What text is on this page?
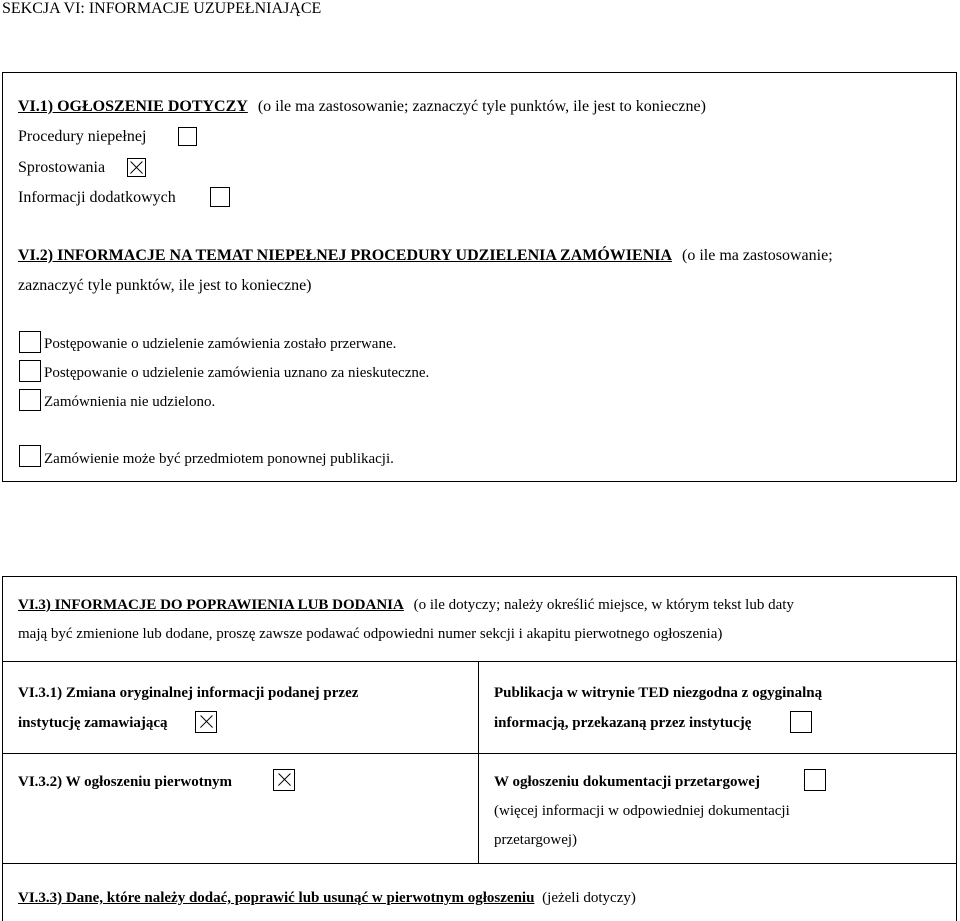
SEKCJA VI: INFORMACJE UZUPEŁNIAJĄCE
VI.1) OGŁOSZENIE DOTYCZY (o ile ma zastosowanie; zaznaczyć tyle punktów, ile jest to konieczne)
Procedury niepełnej
Sprostowania
Informacji dodatkowych
VI.2) INFORMACJE NA TEMAT NIEPEŁNEJ PROCEDURY UDZIELENIA ZAMÓWIENIA (o ile ma zastosowanie;
zaznaczyć tyle punktów, ile jest to konieczne)
Postępowanie o udzielenie zamówienia zostało przerwane.
Postępowanie o udzielenie zamówienia uznano za nieskuteczne.
Zamównienia nie udzielono.
Zamówienie może być przedmiotem ponownej publikacji.
VI.3) INFORMACJE DO POPRAWIENIA LUB DODANIA (o ile dotyczy; należy określić miejsce, w którym tekst lub daty
mają być zmienione lub dodane, proszę zawsze podawać odpowiedni numer sekcji i akapitu pierwotnego ogłoszenia)
VI.3.1) Zmiana oryginalnej informacji podanej przez
instytucję zamawiającą
Publikacja w witrynie TED niezgodna z ogyginalną
informacją, przekazaną przez instytucję
VI.3.2) W ogłoszeniu pierwotnym	W ogłoszeniu dokumentacji przetargowej
(więcej informacji w odpowiedniej dokumentacji
przetargowej)
VI.3.3) Dane, które należy dodać, poprawić lub usunąć w pierwotnym ogłoszeniu (jeżeli dotyczy)
